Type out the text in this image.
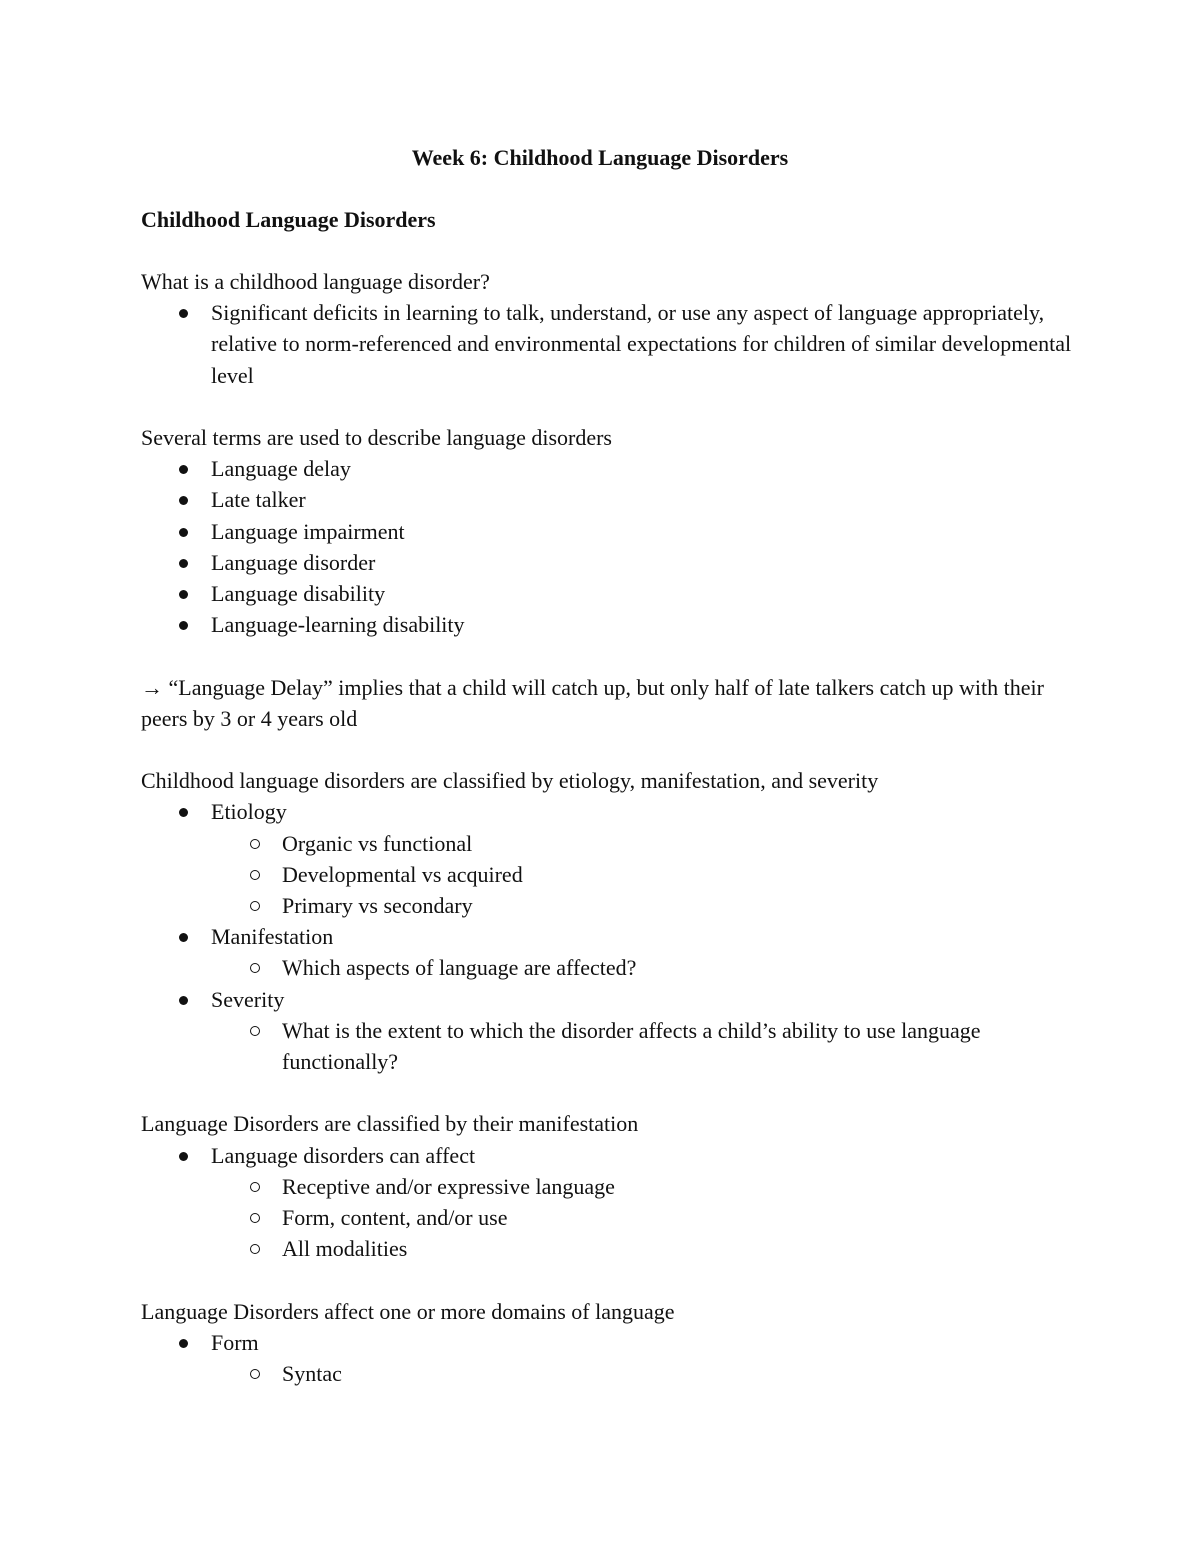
Week 6: Childhood Language Disorders
Childhood Language Disorders

What is a childhood language disorder?

Significant deficits in learning to talk, understand, or use any aspect of language appropriately, relative to norm-referenced and environmental expectations for children of similar developmental level

Several terms are used to describe language disorders

Language delay
Late talker
Language impairment
Language disorder
Language disability
Language-learning disability

→ “Language Delay” implies that a child will catch up, but only half of late talkers catch up with their peers by 3 or 4 years old

Childhood language disorders are classified by etiology, manifestation, and severity

Etiology
Organic vs functional
Developmental vs acquired
Primary vs secondary
Manifestation
Which aspects of language are affected?
Severity
What is the extent to which the disorder affects a child’s ability to use language functionally?

Language Disorders are classified by their manifestation

Language disorders can affect
Receptive and/or expressive language
Form, content, and/or use
All modalities

Language Disorders affect one or more domains of language

Form
Syntac
